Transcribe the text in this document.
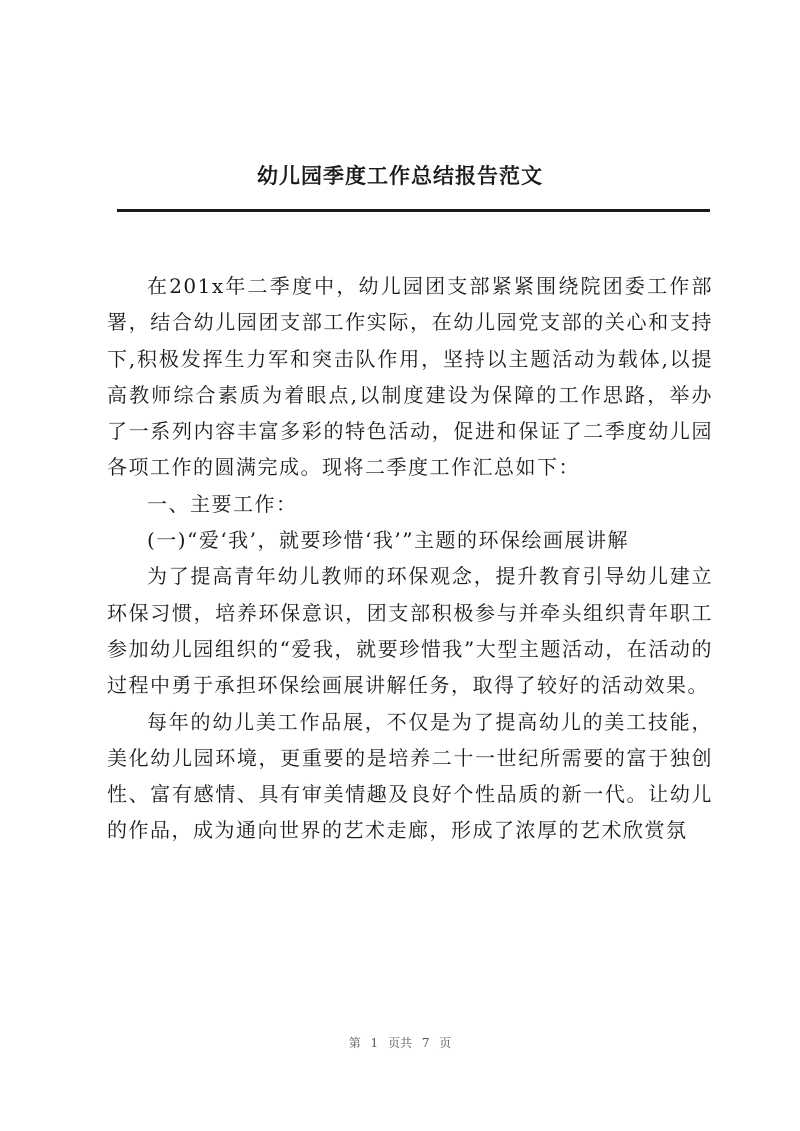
幼儿园季度工作总结报告范文

在201x年二季度中，幼儿园团支部紧紧围绕院团委工作部署，结合幼儿园团支部工作实际，在幼儿园党支部的关心和支持下,积极发挥生力军和突击队作用，坚持以主题活动为载体,以提高教师综合素质为着眼点,以制度建设为保障的工作思路，举办了一系列内容丰富多彩的特色活动，促进和保证了二季度幼儿园各项工作的圆满完成。现将二季度工作汇总如下：

一、主要工作：

(一)“爱‘我’，就要珍惜‘我’”主题的环保绘画展讲解

为了提高青年幼儿教师的环保观念，提升教育引导幼儿建立环保习惯，培养环保意识，团支部积极参与并牵头组织青年职工参加幼儿园组织的“爱我，就要珍惜我”大型主题活动，在活动的过程中勇于承担环保绘画展讲解任务，取得了较好的活动效果。

每年的幼儿美工作品展，不仅是为了提高幼儿的美工技能，美化幼儿园环境，更重要的是培养二十一世纪所需要的富于独创性、富有感情、具有审美情趣及良好个性品质的新一代。让幼儿的作品，成为通向世界的艺术走廊，形成了浓厚的艺术欣赏氛

第 1 页共 7 页
